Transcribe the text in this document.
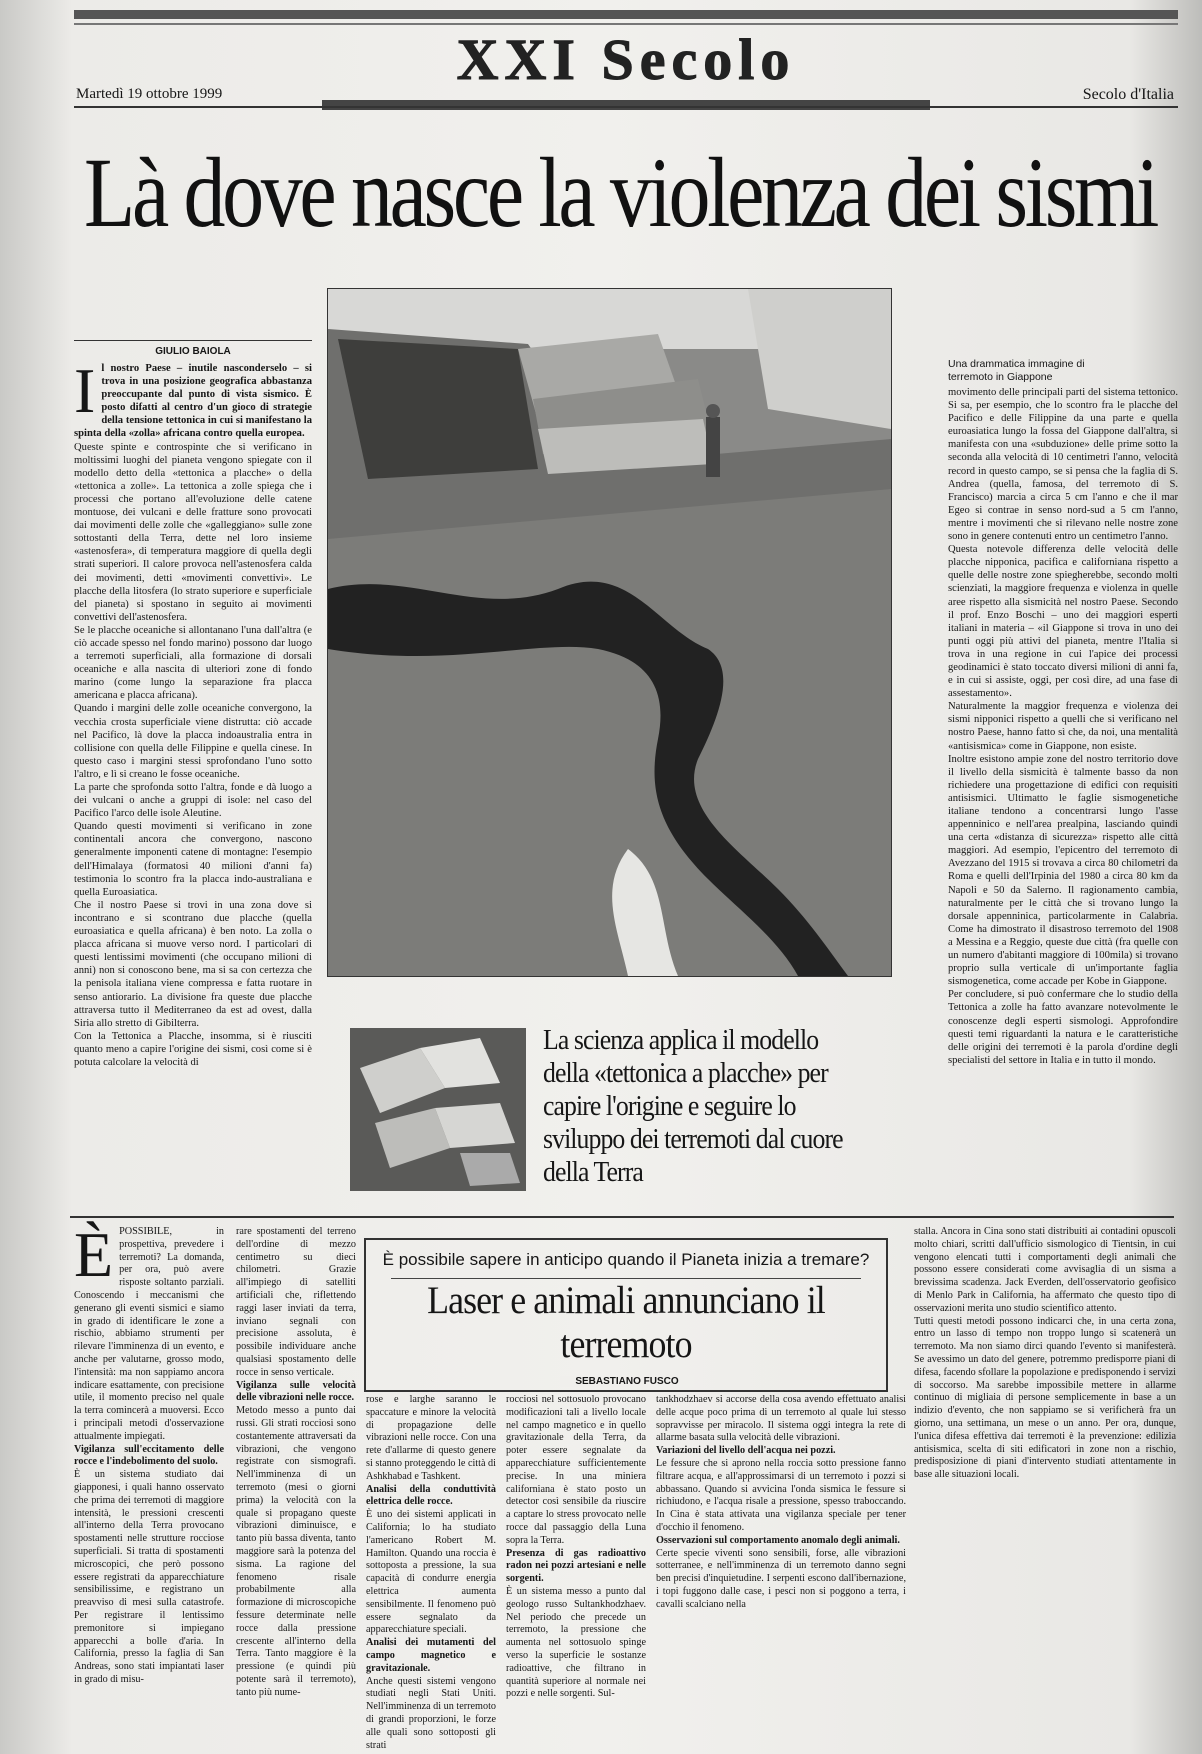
XXI Secolo
Martedì 19 ottobre 1999	Secolo d'Italia
Là dove nasce la violenza dei sismi
GIULIO BAIOLA
I l nostro Paese – inutile nasconderselo – si trova in una posizione geografica abbastanza preoccupante dal punto di vista sismico. È posto difatti al centro d'un gioco di strategie della tensione tettonica in cui si manifestano la spinta della «zolla» africana contro quella europea.

Queste spinte e controspinte che si verificano in moltissimi luoghi del pianeta vengono spiegate con il modello detto della «tettonica a placche» o della «tettonica a zolle». La tettonica a zolle spiega che i processi che portano all'evoluzione delle catene montuose, dei vulcani e delle fratture sono provocati dai movimenti delle zolle che «galleggiano» sulle zone sottostanti della Terra, dette nel loro insieme «astenosfera», di temperatura maggiore di quella degli strati superiori. Il calore provoca nell'astenosfera calda dei movimenti, detti «movimenti convettivi». Le placche della litosfera (lo strato superiore e superficiale del pianeta) si spostano in seguito ai movimenti convettivi dell'astenosfera.

Se le placche oceaniche si allontanano l'una dall'altra (e ciò accade spesso nel fondo marino) possono dar luogo a terremoti superficiali, alla formazione di dorsali oceaniche e alla nascita di ulteriori zone di fondo marino (come lungo la separazione fra placca americana e placca africana).

Quando i margini delle zolle oceaniche convergono, la vecchia crosta superficiale viene distrutta: ciò accade nel Pacifico, là dove la placca indoaustralia entra in collisione con quella delle Filippine e quella cinese. In questo caso i margini stessi sprofondano l'uno sotto l'altro, e lì si creano le fosse oceaniche.

La parte che sprofonda sotto l'altra, fonde e dà luogo a dei vulcani o anche a gruppi di isole: nel caso del Pacifico l'arco delle isole Aleutine.

Quando questi movimenti si verificano in zone continentali ancora che convergono, nascono generalmente imponenti catene di montagne: l'esempio dell'Himalaya (formatosi 40 milioni d'anni fa) testimonia lo scontro fra la placca indo-australiana e quella Euroasiatica.

Che il nostro Paese si trovi in una zona dove si incontrano e si scontrano due placche (quella euroasiatica e quella africana) è ben noto. La zolla o placca africana si muove verso nord. I particolari di questi lentissimi movimenti (che occupano milioni di anni) non si conoscono bene, ma si sa con certezza che la penisola italiana viene compressa e fatta ruotare in senso antiorario. La divisione fra queste due placche attraversa tutto il Mediterraneo da est ad ovest, dalla Siria allo stretto di Gibilterra.

Con la Tettonica a Placche, insomma, si è riusciti quanto meno a capire l'origine dei sismi, così come si è potuta calcolare la velocità di

Una drammatica immagine di terremoto in Giappone

movimento delle principali parti del sistema tettonico. Si sa, per esempio, che lo scontro fra le placche del Pacifico e delle Filippine da una parte e quella euroasiatica lungo la fossa del Giappone dall'altra, si manifesta con una «subduzione» delle prime sotto la seconda alla velocità di 10 centimetri l'anno, velocità record in questo campo, se si pensa che la faglia di S. Andrea (quella, famosa, del terremoto di S. Francisco) marcia a circa 5 cm l'anno e che il mar Egeo si contrae in senso nord-sud a 5 cm l'anno, mentre i movimenti che si rilevano nelle nostre zone sono in genere contenuti entro un centimetro l'anno.

Questa notevole differenza delle velocità delle placche nipponica, pacifica e californiana rispetto a quelle delle nostre zone spiegherebbe, secondo molti scienziati, la maggiore frequenza e violenza in quelle aree rispetto alla sismicità nel nostro Paese. Secondo il prof. Enzo Boschi – uno dei maggiori esperti italiani in materia – «il Giappone si trova in uno dei punti oggi più attivi del pianeta, mentre l'Italia si trova in una regione in cui l'apice dei processi geodinamici è stato toccato diversi milioni di anni fa, e in cui si assiste, oggi, per così dire, ad una fase di assestamento».

Naturalmente la maggior frequenza e violenza dei sismi nipponici rispetto a quelli che si verificano nel nostro Paese, hanno fatto sì che, da noi, una mentalità «antisismica» come in Giappone, non esiste.

Inoltre esistono ampie zone del nostro territorio dove il livello della sismicità è talmente basso da non richiedere una progettazione di edifici con requisiti antisismici. Ultimatto le faglie sismogenetiche italiane tendono a concentrarsi lungo l'asse appenninico e nell'area prealpina, lasciando quindi una certa «distanza di sicurezza» rispetto alle città maggiori. Ad esempio, l'epicentro del terremoto di Avezzano del 1915 si trovava a circa 80 chilometri da Roma e quelli dell'Irpinia del 1980 a circa 80 km da Napoli e 50 da Salerno. Il ragionamento cambia, naturalmente per le città che si trovano lungo la dorsale appenninica, particolarmente in Calabria. Come ha dimostrato il disastroso terremoto del 1908 a Messina e a Reggio, queste due città (fra quelle con un numero d'abitanti maggiore di 100mila) si trovano proprio sulla verticale di un'importante faglia sismogenetica, come accade per Kobe in Giappone.

Per concludere, si può confermare che lo studio della Tettonica a zolle ha fatto avanzare notevolmente le conoscenze degli esperti sismologi. Approfondire questi temi riguardanti la natura e le caratteristiche delle origini dei terremoti è la parola d'ordine degli specialisti del settore in Italia e in tutto il mondo.

La scienza applica il modello della «tettonica a placche» per capire l'origine e seguire lo sviluppo dei terremoti dal cuore della Terra
È POSSIBILE, in prospettiva, prevedere i terremoti? La domanda, per ora, può avere risposte soltanto parziali. Conoscendo i meccanismi che generano gli eventi sismici e siamo in grado di identificare le zone a rischio, abbiamo strumenti per rilevare l'imminenza di un evento, e anche per valutarne, grosso modo, l'intensità: ma non sappiamo ancora indicare esattamente, con precisione utile, il momento preciso nel quale la terra comincerà a muoversi. Ecco i principali metodi d'osservazione attualmente impiegati.

Vigilanza sull'eccitamento delle rocce e l'indebolimento del suolo.

È un sistema studiato dai giapponesi, i quali hanno osservato che prima dei terremoti di maggiore intensità, le pressioni crescenti all'interno della Terra provocano spostamenti nelle strutture rocciose superficiali. Si tratta di spostamenti microscopici, che però possono essere registrati da apparecchiature sensibilissime, e registrano un preavviso di mesi sulla catastrofe. Per registrare il lentissimo premonitore si impiegano apparecchi a bolle d'aria. In California, presso la faglia di San Andreas, sono stati impiantati laser in grado di misu-

rare spostamenti del terreno dell'ordine di mezzo centimetro su dieci chilometri. Grazie all'impiego di satelliti artificiali che, riflettendo raggi laser inviati da terra, inviano segnali con precisione assoluta, è possibile individuare anche qualsiasi spostamento delle rocce in senso verticale.

Vigilanza sulle velocità delle vibrazioni nelle rocce.

Metodo messo a punto dai russi. Gli strati rocciosi sono costantemente attraversati da vibrazioni, che vengono registrate con sismografi. Nell'imminenza di un terremoto (mesi o giorni prima) la velocità con la quale si propagano queste vibrazioni diminuisce, e tanto più bassa diventa, tanto maggiore sarà la potenza del sisma. La ragione del fenomeno risale probabilmente alla formazione di microscopiche fessure determinate nelle rocce dalla pressione crescente all'interno della Terra. Tanto maggiore è la pressione (e quindi più potente sarà il terremoto), tanto più nume-

È possibile sapere in anticipo quando il Pianeta inizia a tremare?
Laser e animali annunciano il terremoto
SEBASTIANO FUSCO

rose e larghe saranno le spaccature e minore la velocità di propagazione delle vibrazioni nelle rocce. Con una rete d'allarme di questo genere si stanno proteggendo le città di Ashkhabad e Tashkent.

Analisi della conduttività elettrica delle rocce.

È uno dei sistemi applicati in California; lo ha studiato l'americano Robert M. Hamilton. Quando una roccia è sottoposta a pressione, la sua capacità di condurre energia elettrica aumenta sensibilmente. Il fenomeno può essere segnalato da apparecchiature speciali.

Analisi dei mutamenti del campo magnetico e gravitazionale.

Anche questi sistemi vengono studiati negli Stati Uniti. Nell'imminenza di un terremoto di grandi proporzioni, le forze alle quali sono sottoposti gli strati

rocciosi nel sottosuolo provocano modificazioni tali a livello locale nel campo magnetico e in quello gravitazionale della Terra, da poter essere segnalate da apparecchiature sufficientemente precise. In una miniera californiana è stato posto un detector così sensibile da riuscire a captare lo stress provocato nelle rocce dal passaggio della Luna sopra la Terra.

Presenza di gas radioattivo radon nei pozzi artesiani e nelle sorgenti.

È un sistema messo a punto dal geologo russo Sultankhodzhaev. Nel periodo che precede un terremoto, la pressione che aumenta nel sottosuolo spinge verso la superficie le sostanze radioattive, che filtrano in quantità superiore al normale nei pozzi e nelle sorgenti. Sul-

tankhodzhaev si accorse della cosa avendo effettuato analisi delle acque poco prima di un terremoto al quale lui stesso sopravvisse per miracolo. Il sistema oggi integra la rete di allarme basata sulla velocità delle vibrazioni.

Variazioni del livello dell'acqua nei pozzi.

Le fessure che si aprono nella roccia sotto pressione fanno filtrare acqua, e all'approssimarsi di un terremoto i pozzi si abbassano. Quando si avvicina l'onda sismica le fessure si richiudono, e l'acqua risale a pressione, spesso traboccando. In Cina è stata attivata una vigilanza speciale per tener d'occhio il fenomeno.

Osservazioni sul comportamento anomalo degli animali.

Certe specie viventi sono sensibili, forse, alle vibrazioni sotterranee, e nell'imminenza di un terremoto danno segni ben precisi d'inquietudine. I serpenti escono dall'ibernazione, i topi fuggono dalle case, i pesci non si poggono a terra, i cavalli scalciano nella

stalla. Ancora in Cina sono stati distribuiti ai contadini opuscoli molto chiari, scritti dall'ufficio sismologico di Tientsin, in cui vengono elencati tutti i comportamenti degli animali che possono essere considerati come avvisaglia di un sisma a brevissima scadenza. Jack Everden, dell'osservatorio geofisico di Menlo Park in California, ha affermato che questo tipo di osservazioni merita uno studio scientifico attento.

Tutti questi metodi possono indicarci che, in una certa zona, entro un lasso di tempo non troppo lungo si scatenerà un terremoto. Ma non siamo dirci quando l'evento si manifesterà. Se avessimo un dato del genere, potremmo predisporre piani di difesa, facendo sfollare la popolazione e predisponendo i servizi di soccorso. Ma sarebbe impossibile mettere in allarme continuo di migliaia di persone semplicemente in base a un indizio d'evento, che non sappiamo se si verificherà fra un giorno, una settimana, un mese o un anno. Per ora, dunque, l'unica difesa effettiva dai terremoti è la prevenzione: edilizia antisismica, scelta di siti edificatori in zone non a rischio, predisposizione di piani d'intervento studiati attentamente in base alle situazioni locali.
